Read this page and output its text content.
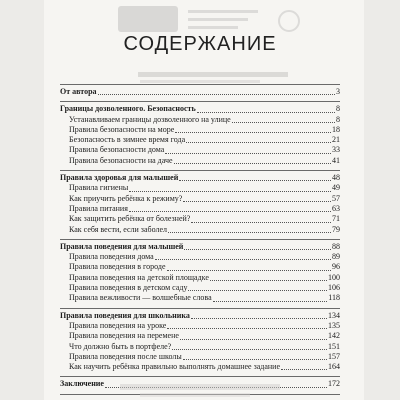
СОДЕРЖАНИЕ
От автора	3
Границы дозволенного. Безопасность	8
Устанавливаем границы дозволенного на улице	8
Правила безопасности на море	18
Безопасность в зимнее время года	21
Правила безопасности дома	33
Правила безопасности на даче	41
Правила здоровья для малышей	48
Правила гигиены	49
Как приучить ребёнка к режиму?	57
Правила питания	63
Как защитить ребёнка от болезней?	71
Как себя вести, если заболел	79
Правила поведения для малышей	88
Правила поведения дома	89
Правила поведения в городе	96
Правила поведения на детской площадке	100
Правила поведения в детском саду	106
Правила вежливости — волшебные слова	118
Правила поведения для школьника	134
Правила поведения на уроке	135
Правила поведения на перемене	142
Что должно быть в портфеле?	151
Правила поведения после школы	157
Как научить ребёнка правильно выполнять домашнее задание	164
Заключение	172
